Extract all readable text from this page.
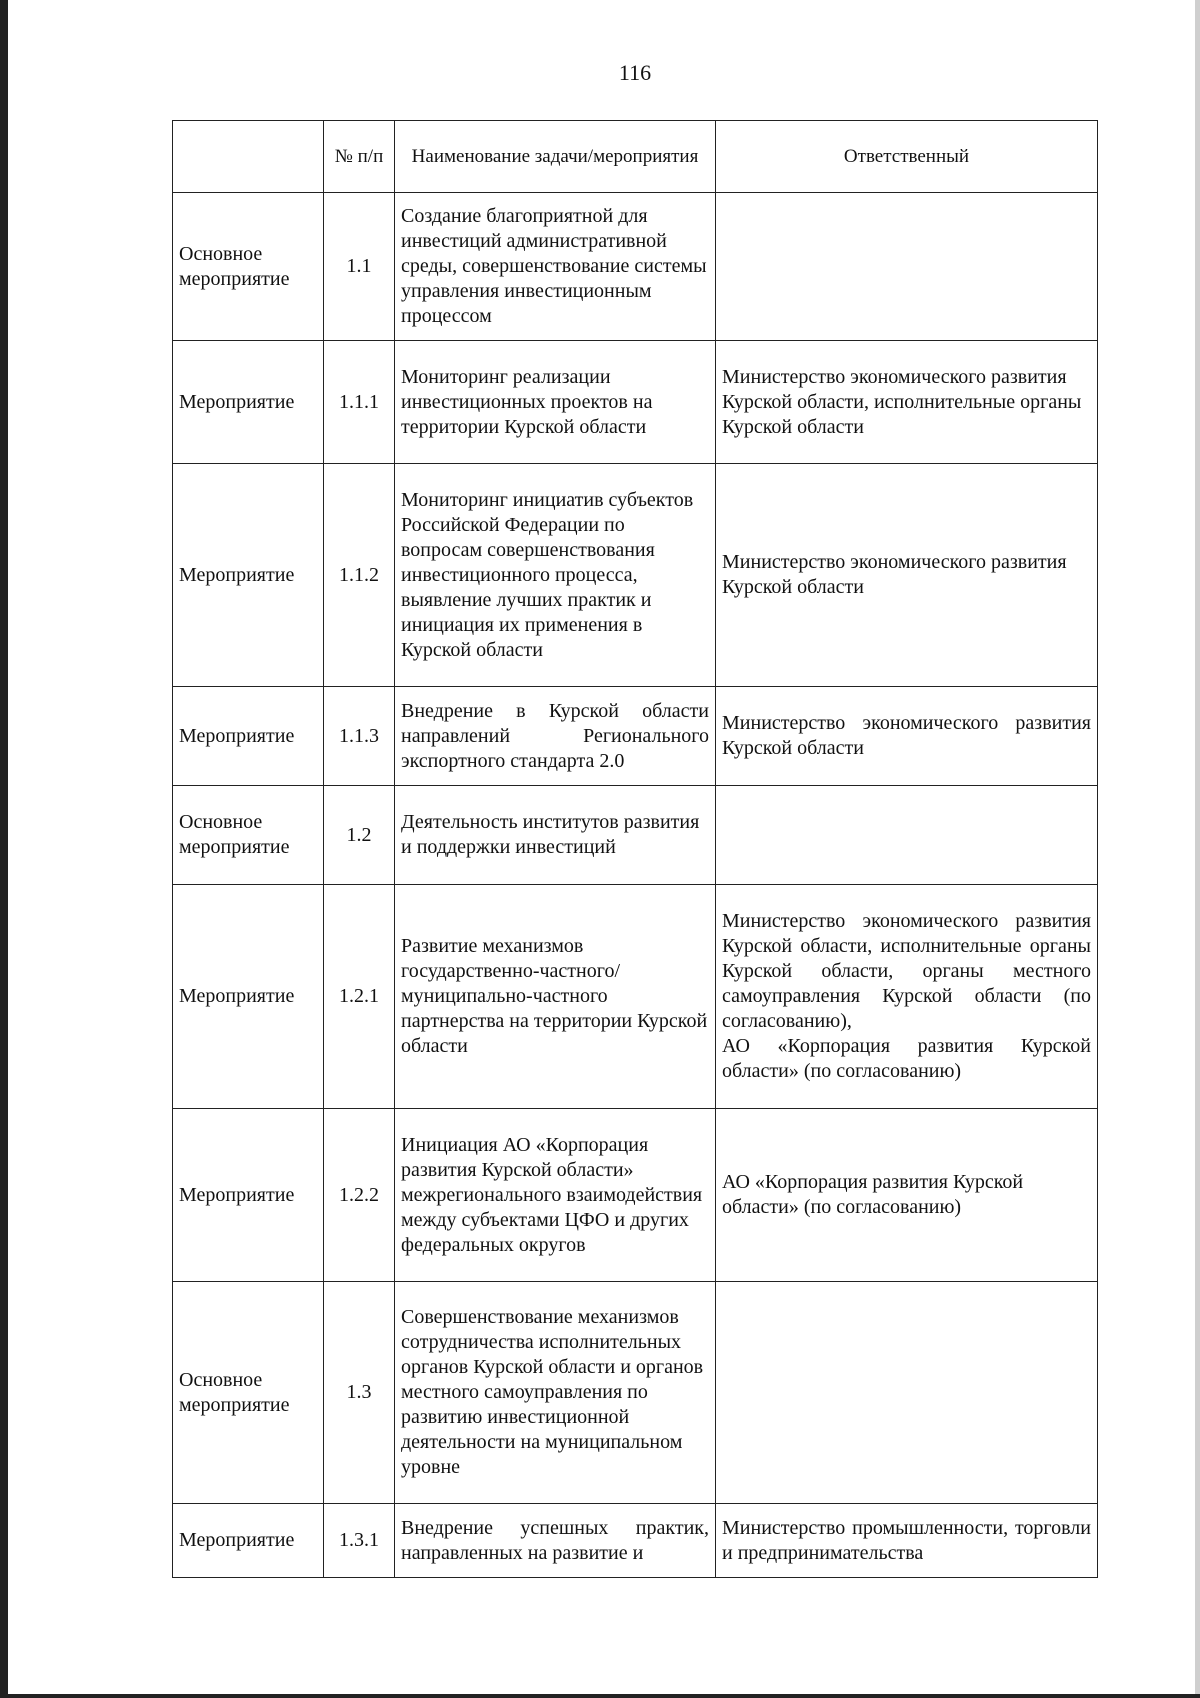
116
	№ п/п	Наименование задачи/мероприятия	Ответственный
Основное мероприятие	1.1	Создание благоприятной для инвестиций административной среды, совершенствование системы управления инвестиционным процессом	
Мероприятие	1.1.1	Мониторинг реализации инвестиционных проектов на территории Курской области	Министерство экономического развития Курской области, исполнительные органы Курской области
Мероприятие	1.1.2	Мониторинг инициатив субъектов Российской Федерации по вопросам совершенствования инвестиционного процесса, выявление лучших практик и инициация их применения в Курской области	Министерство экономического развития Курской области
Мероприятие	1.1.3	Внедрение в Курской области направлений Регионального экспортного стандарта 2.0	Министерство экономического развития Курской области
Основное мероприятие	1.2	Деятельность институтов развития и поддержки инвестиций	
Мероприятие	1.2.1	Развитие механизмов государственно-частного/муниципально-частного партнерства на территории Курской области	Министерство экономического развития Курской области, исполнительные органы Курской области, органы местного самоуправления Курской области (по согласованию),
АО «Корпорация развития Курской области» (по согласованию)

Мероприятие	1.2.2	Инициация АО «Корпорация развития Курской области» межрегионального взаимодействия между субъектами ЦФО и других федеральных округов	АО «Корпорация развития Курской области» (по согласованию)
Основное мероприятие	1.3	Совершенствование механизмов сотрудничества исполнительных органов Курской области и органов местного самоуправления по развитию инвестиционной деятельности на муниципальном уровне	
Мероприятие	1.3.1	Внедрение успешных практик, направленных на развитие и	Министерство промышленности, торговли и предпринимательства
